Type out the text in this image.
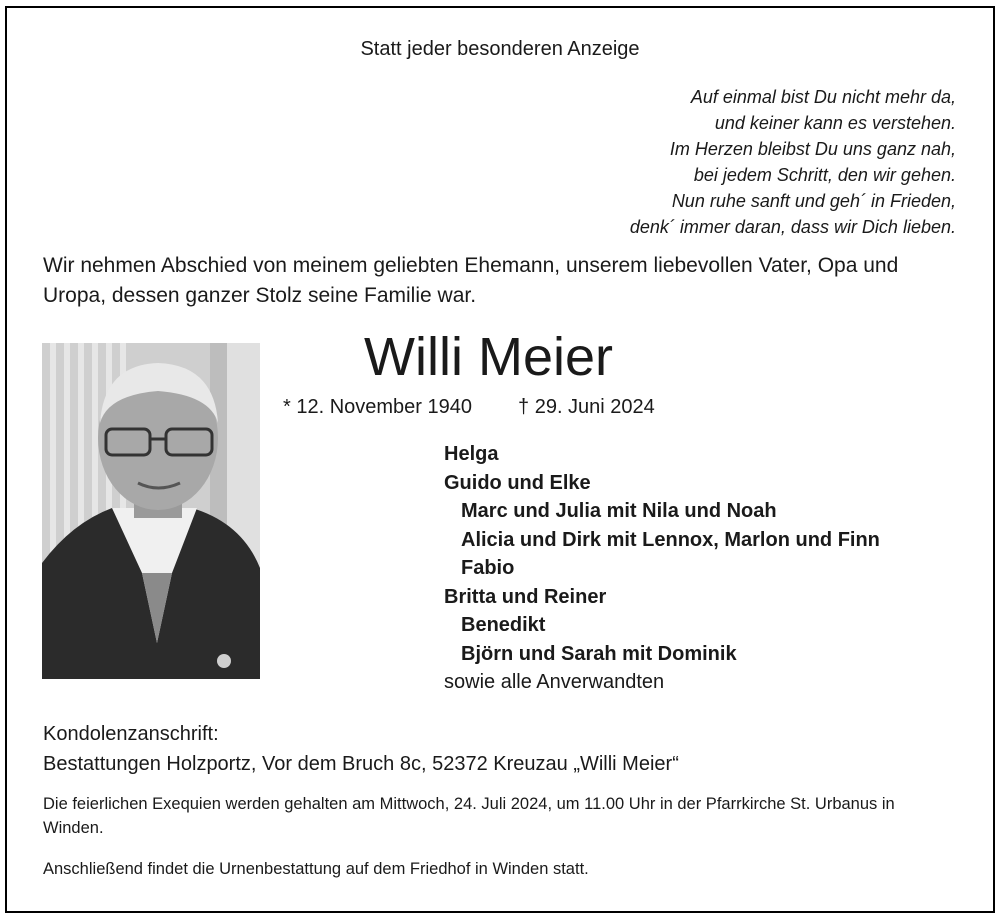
Statt jeder besonderen Anzeige
Auf einmal bist Du nicht mehr da,
und keiner kann es verstehen.
Im Herzen bleibst Du uns ganz nah,
bei jedem Schritt, den wir gehen.
Nun ruhe sanft und geh´ in Frieden,
denk´ immer daran, dass wir Dich lieben.
Wir nehmen Abschied von meinem geliebten Ehemann, unserem liebevollen Vater, Opa und Uropa, dessen ganzer Stolz seine Familie war.
Willi Meier
* 12. November 1940 † 29. Juni 2024
Helga
Guido und Elke
Marc und Julia mit Nila und Noah
Alicia und Dirk mit Lennox, Marlon und Finn
Fabio
Britta und Reiner
Benedikt
Björn und Sarah mit Dominik
sowie alle Anverwandten
Kondolenzanschrift:
Bestattungen Holzportz, Vor dem Bruch 8c, 52372 Kreuzau „Willi Meier“
Die feierlichen Exequien werden gehalten am Mittwoch, 24. Juli 2024, um 11.00 Uhr in der Pfarrkirche St. Urbanus in Winden.
Anschließend findet die Urnenbestattung auf dem Friedhof in Winden statt.
